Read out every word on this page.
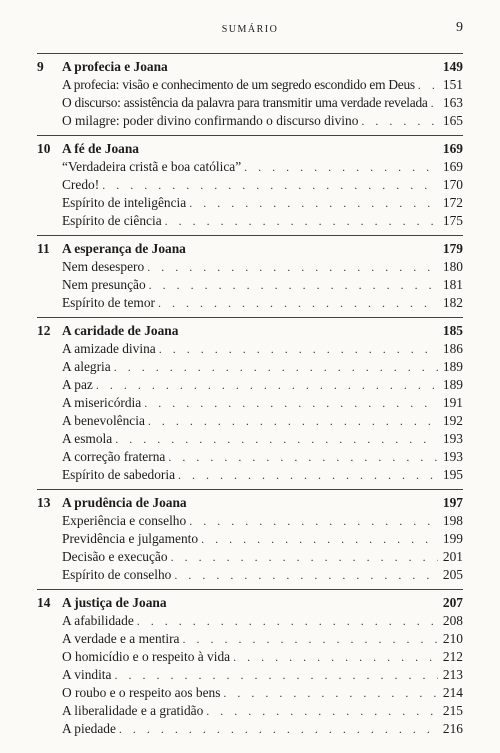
SUMÁRIO	9
9	A profecia e Joana	149
A profecia: visão e conhecimento de um segredo escondido em Deus . . . 151
O discurso: assistência da palavra para transmitir uma verdade revelada . . . 163
O milagre: poder divino confirmando o discurso divino . . .	165
10 A fé de Joana	169
“Verdadeira cristã e boa católica” . . .	169
Credo! . . .	170
Espírito de inteligência . . .	172
Espírito de ciência . . .	175
11 A esperança de Joana	179
Nem desespero . . .	180
Nem presunção . . .	181
Espírito de temor . . .	182
12 A caridade de Joana	185
A amizade divina . . .	186
A alegria . . .	189
A paz . . .	189
A misericórdia . . .	191
A benevolência . . .	192
A esmola . . .	193
A correção fraterna . . .	193
Espírito de sabedoria . . .	195
13 A prudência de Joana	197
Experiência e conselho . . .	198
Previdência e julgamento . . .	199
Decisão e execução . . .	201
Espírito de conselho . . .	205
14 A justiça de Joana	207
A afabilidade . . .	208
A verdade e a mentira . . .	210
O homicídio e o respeito à vida . . .	212
A vindita . . .	213
O roubo e o respeito aos bens . . .	214
A liberalidade e a gratidão . . .	215
A piedade . . .	216
